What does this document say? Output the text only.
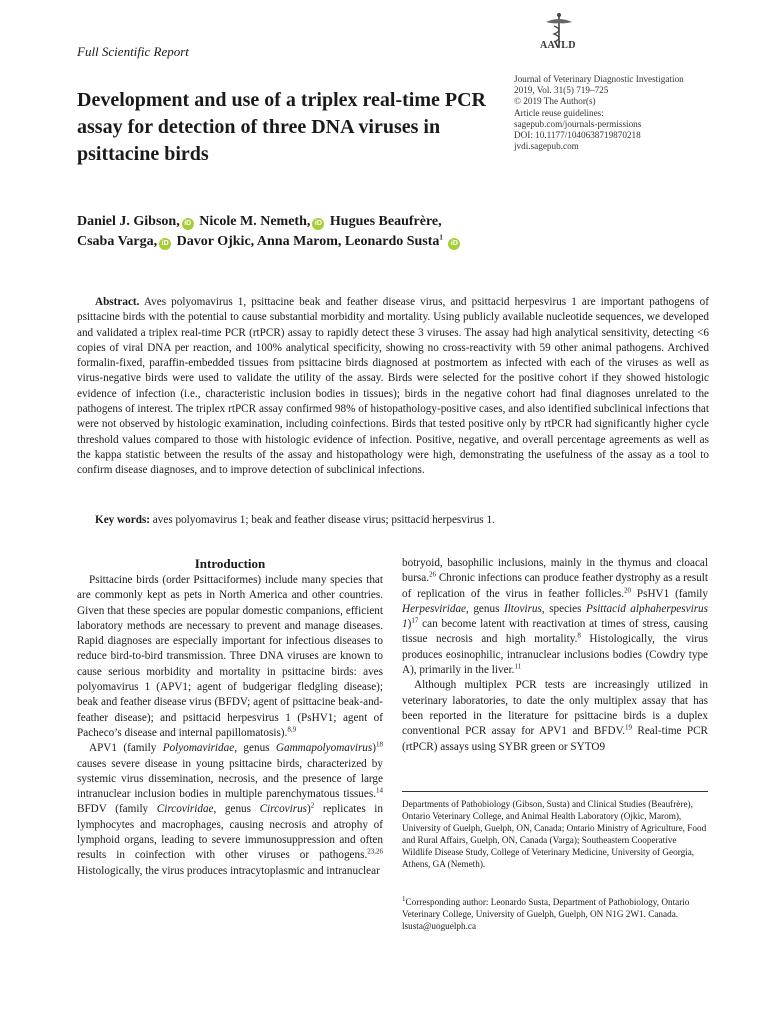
Full Scientific Report	AAVLD
Journal of Veterinary Diagnostic Investigation
2019, Vol. 31(5) 719–725
© 2019 The Author(s)
Article reuse guidelines:
sagepub.com/journals-permissions
DOI: 10.1177/1040638719870218
jvdi.sagepub.com
Development and use of a triplex real-time PCR assay for detection of three DNA viruses in psittacine birds
Daniel J. Gibson, iD Nicole M. Nemeth, iD Hugues Beaufrère,
Csaba Varga, iD Davor Ojkic, Anna Marom, Leonardo Susta$^1$ iD
Abstract. Aves polyomavirus 1, psittacine beak and feather disease virus, and psittacid herpesvirus 1 are important pathogens of psittacine birds with the potential to cause substantial morbidity and mortality. Using publicly available nucleotide sequences, we developed and validated a triplex real-time PCR (rtPCR) assay to rapidly detect these 3 viruses. The assay had high analytical sensitivity, detecting <6 copies of viral DNA per reaction, and 100% analytical specificity, showing no cross-reactivity with 59 other animal pathogens. Archived formalin-fixed, paraffin-embedded tissues from psittacine birds diagnosed at postmortem as infected with each of the viruses as well as virus-negative birds were used to validate the utility of the assay. Birds were selected for the positive cohort if they showed histologic evidence of infection (i.e., characteristic inclusion bodies in tissues); birds in the negative cohort had final diagnoses unrelated to the pathogens of interest. The triplex rtPCR assay confirmed 98% of histopathology-positive cases, and also identified subclinical infections that were not observed by histologic examination, including coinfections. Birds that tested positive only by rtPCR had significantly higher cycle threshold values compared to those with histologic evidence of infection. Positive, negative, and overall percentage agreements as well as the kappa statistic between the results of the assay and histopathology were high, demonstrating the usefulness of the assay as a tool to confirm disease diagnoses, and to improve detection of subclinical infections.
Key words: aves polyomavirus 1; beak and feather disease virus; psittacid herpesvirus 1.
Introduction

Psittacine birds (order Psittaciformes) include many species that are commonly kept as pets in North America and other countries. Given that these species are popular domestic companions, efficient laboratory methods are necessary to prevent and manage diseases. Rapid diagnoses are especially important for infectious diseases to reduce bird-to-bird transmission. Three DNA viruses are known to cause serious morbidity and mortality in psittacine birds: aves polyomavirus 1 (APV1; agent of budgerigar fledgling disease); beak and feather disease virus (BFDV; agent of psittacine beak-and-feather disease); and psittacid herpesvirus 1 (PsHV1; agent of Pacheco’s disease and internal papillomatosis).$^{8,9}$

APV1 (family Polyomaviridae, genus Gammapolyomavirus)$^{18}$ causes severe disease in young psittacine birds, characterized by systemic virus dissemination, necrosis, and the presence of large intranuclear inclusion bodies in multiple parenchymatous tissues.$^{14}$ BFDV (family Circoviridae, genus Circovirus)$^2$ replicates in lymphocytes and macrophages, causing necrosis and atrophy of lymphoid organs, leading to severe immunosuppression and often results in coinfection with other viruses or pathogens.$^{23,26}$ Histologically, the virus produces intracytoplasmic and intranuclear

botryoid, basophilic inclusions, mainly in the thymus and cloacal bursa.$^{26}$ Chronic infections can produce feather dystrophy as a result of replication of the virus in feather follicles.$^{20}$ PsHV1 (family Herpesviridae, genus Iltovirus, species Psittacid alphaherpesvirus 1)$^{17}$ can become latent with reactivation at times of stress, causing tissue necrosis and high mortality.$^8$ Histologically, the virus produces eosinophilic, intranuclear inclusions bodies (Cowdry type A), primarily in the liver.$^{11}$

Although multiplex PCR tests are increasingly utilized in veterinary laboratories, to date the only multiplex assay that has been reported in the literature for psittacine birds is a duplex conventional PCR assay for APV1 and BFDV.$^{19}$ Real-time PCR (rtPCR) assays using SYBR green or SYTO9

Departments of Pathobiology (Gibson, Susta) and Clinical Studies (Beaufrère), Ontario Veterinary College, and Animal Health Laboratory (Ojkic, Marom), University of Guelph, Guelph, ON, Canada; Ontario Ministry of Agriculture, Food and Rural Affairs, Guelph, ON, Canada (Varga); Southeastern Cooperative Wildlife Disease Study, College of Veterinary Medicine, University of Georgia, Athens, GA (Nemeth).
$^1$Corresponding author: Leonardo Susta, Department of Pathobiology, Ontario Veterinary College, University of Guelph, Guelph, ON N1G 2W1. Canada. lsusta@uoguelph.ca
